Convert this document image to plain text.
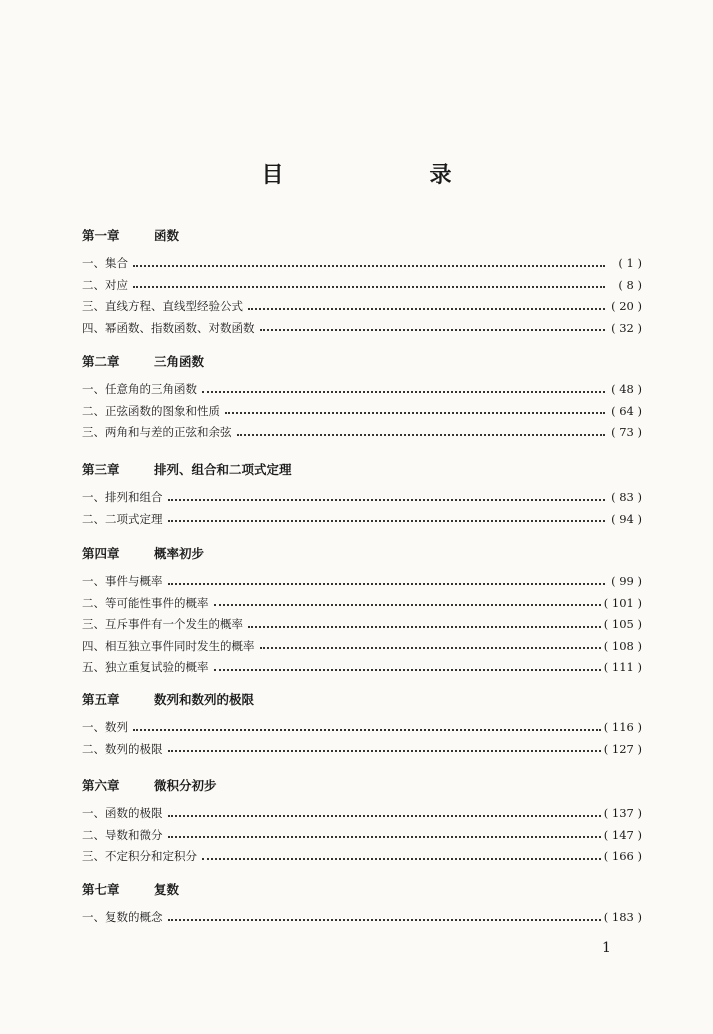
目　　录
第一章	函数
一、集合	( 1 )
二、对应	( 8 )
三、直线方程、直线型经验公式	( 20 )
四、幂函数、指数函数、对数函数	( 32 )
第二章	三角函数
一、任意角的三角函数	( 48 )
二、正弦函数的图象和性质	( 64 )
三、两角和与差的正弦和余弦	( 73 )
第三章	排列、组合和二项式定理
一、排列和组合	( 83 )
二、二项式定理	( 94 )
第四章	概率初步
一、事件与概率	( 99 )
二、等可能性事件的概率	( 101 )
三、互斥事件有一个发生的概率	( 105 )
四、相互独立事件同时发生的概率	( 108 )
五、独立重复试验的概率	( 111 )
第五章	数列和数列的极限
一、数列	( 116 )
二、数列的极限	( 127 )
第六章	微积分初步
一、函数的极限	( 137 )
二、导数和微分	( 147 )
三、不定积分和定积分	( 166 )
第七章	复数
一、复数的概念	( 183 )
1
